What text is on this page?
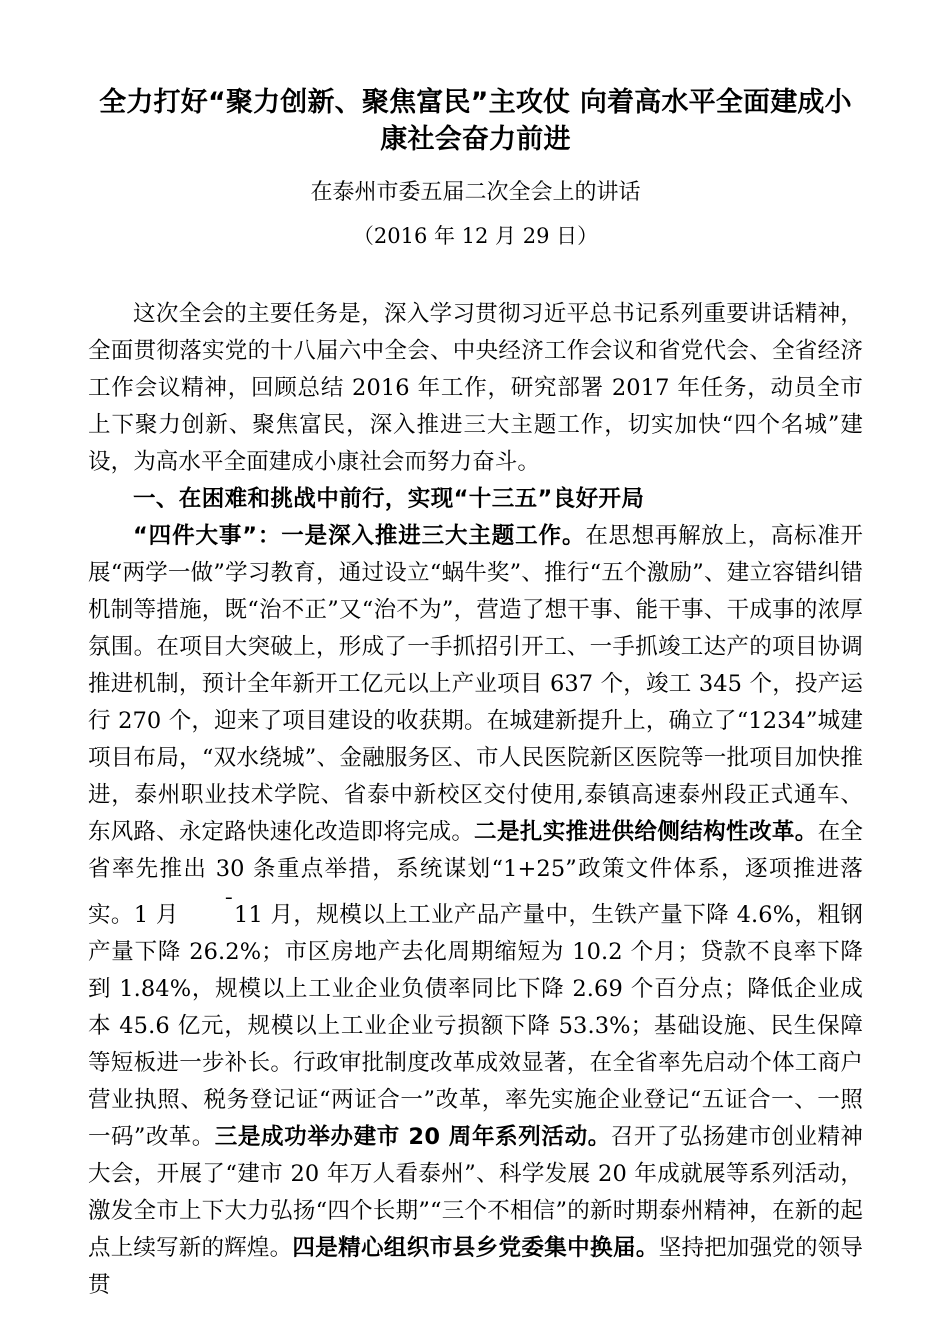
全力打好“聚力创新、聚焦富民”主攻仗 向着高水平全面建成小康社会奋力前进
在泰州市委五届二次全会上的讲话
（2016 年 12 月 29 日）

这次全会的主要任务是，深入学习贯彻习近平总书记系列重要讲话精神，全面贯彻落实党的十八届六中全会、中央经济工作会议和省党代会、全省经济工作会议精神，回顾总结 2016 年工作，研究部署 2017 年任务，动员全市上下聚力创新、聚焦富民，深入推进三大主题工作，切实加快“四个名城”建设，为高水平全面建成小康社会而努力奋斗。

一、在困难和挑战中前行，实现“十三五”良好开局

“四件大事”：一是深入推进三大主题工作。在思想再解放上，高标准开展“两学一做”学习教育，通过设立“蜗牛奖”、推行“五个激励”、建立容错纠错机制等措施，既“治不正”又“治不为”，营造了想干事、能干事、干成事的浓厚氛围。在项目大突破上，形成了一手抓招引开工、一手抓竣工达产的项目协调推进机制，预计全年新开工亿元以上产业项目 637 个，竣工 345 个，投产运行 270 个，迎来了项目建设的收获期。在城建新提升上，确立了“1234”城建项目布局，“双水绕城”、金融服务区、市人民医院新区医院等一批项目加快推进，泰州职业技术学院、省泰中新校区交付使用,泰镇高速泰州段正式通车、东风路、永定路快速化改造即将完成。二是扎实推进供给侧结构性改革。在全省率先推出 30 条重点举措，系统谋划“1+25”政策文件体系，逐项推进落实。1 月 ¯11 月，规模以上工业产品产量中，生铁产量下降 4.6%，粗钢产量下降 26.2%；市区房地产去化周期缩短为 10.2 个月；贷款不良率下降到 1.84%，规模以上工业企业负债率同比下降 2.69 个百分点；降低企业成本 45.6 亿元，规模以上工业企业亏损额下降 53.3%；基础设施、民生保障等短板进一步补长。行政审批制度改革成效显著，在全省率先启动个体工商户营业执照、税务登记证“两证合一”改革，率先实施企业登记“五证合一、一照一码”改革。三是成功举办建市 20 周年系列活动。召开了弘扬建市创业精神大会，开展了“建市 20 年万人看泰州”、科学发展 20 年成就展等系列活动，激发全市上下大力弘扬“四个长期”“三个不相信”的新时期泰州精神，在新的起点上续写新的辉煌。四是精心组织市县乡党委集中换届。坚持把加强党的领导贯
